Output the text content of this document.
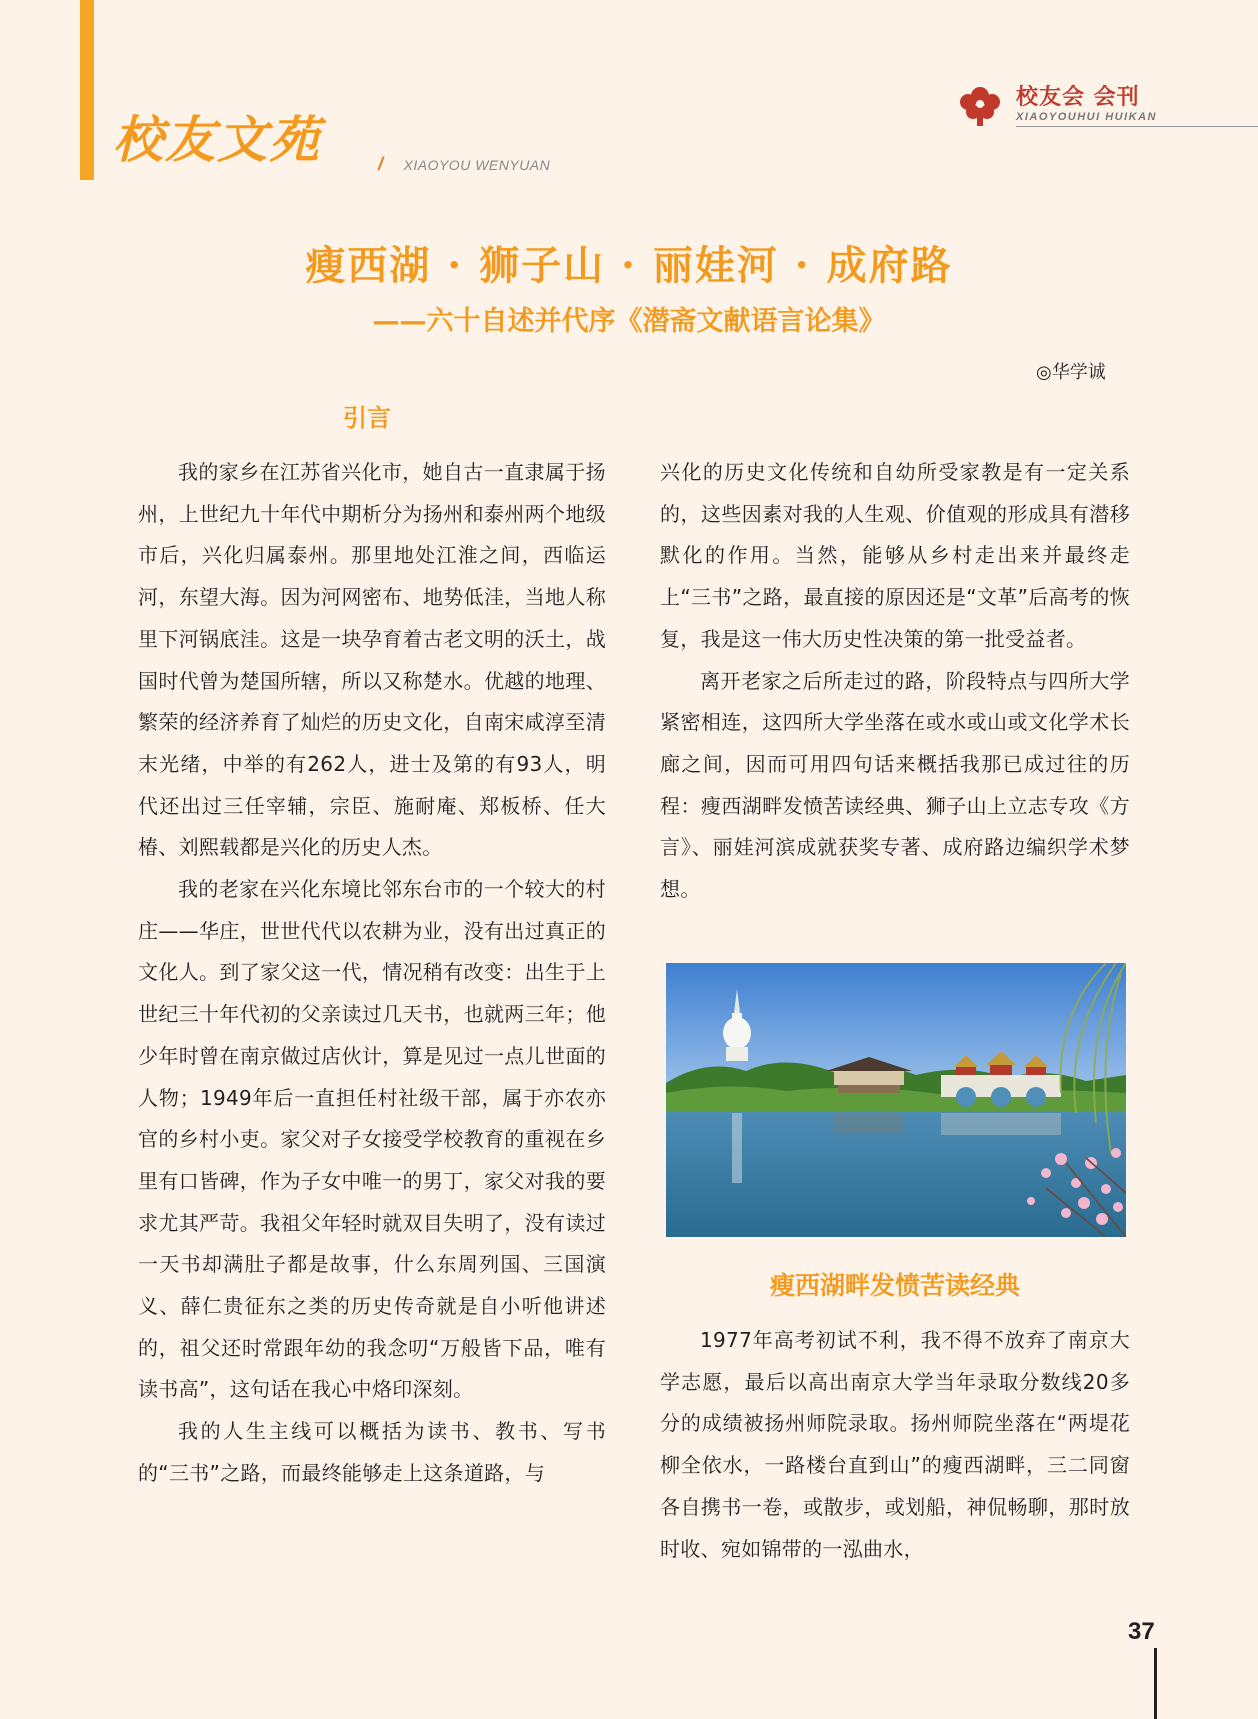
校友文苑	/ XIAOYOU WENYUAN
校友会 会刊
XIAOYOUHUI HUIKAN
瘦西湖 · 狮子山 · 丽娃河 · 成府路
——六十自述并代序《潜斋文献语言论集》
◎华学诚
引言

我的家乡在江苏省兴化市，她自古一直隶属于扬州，上世纪九十年代中期析分为扬州和泰州两个地级市后，兴化归属泰州。那里地处江淮之间，西临运河，东望大海。因为河网密布、地势低洼，当地人称里下河锅底洼。这是一块孕育着古老文明的沃土，战国时代曾为楚国所辖，所以又称楚水。优越的地理、繁荣的经济养育了灿烂的历史文化，自南宋咸淳至清末光绪，中举的有262人，进士及第的有93人，明代还出过三任宰辅，宗臣、施耐庵、郑板桥、任大椿、刘熙载都是兴化的历史人杰。

我的老家在兴化东境比邻东台市的一个较大的村庄——华庄，世世代代以农耕为业，没有出过真正的文化人。到了家父这一代，情况稍有改变：出生于上世纪三十年代初的父亲读过几天书，也就两三年；他少年时曾在南京做过店伙计，算是见过一点儿世面的人物；1949年后一直担任村社级干部，属于亦农亦官的乡村小吏。家父对子女接受学校教育的重视在乡里有口皆碑，作为子女中唯一的男丁，家父对我的要求尤其严苛。我祖父年轻时就双目失明了，没有读过一天书却满肚子都是故事，什么东周列国、三国演义、薛仁贵征东之类的历史传奇就是自小听他讲述的，祖父还时常跟年幼的我念叨“万般皆下品，唯有读书高”，这句话在我心中烙印深刻。

我的人生主线可以概括为读书、教书、写书的“三书”之路，而最终能够走上这条道路，与

兴化的历史文化传统和自幼所受家教是有一定关系的，这些因素对我的人生观、价值观的形成具有潜移默化的作用。当然，能够从乡村走出来并最终走上“三书”之路，最直接的原因还是“文革”后高考的恢复，我是这一伟大历史性决策的第一批受益者。

离开老家之后所走过的路，阶段特点与四所大学紧密相连，这四所大学坐落在或水或山或文化学术长廊之间，因而可用四句话来概括我那已成过往的历程：瘦西湖畔发愤苦读经典、狮子山上立志专攻《方言》、丽娃河滨成就获奖专著、成府路边编织学术梦想。

瘦西湖畔发愤苦读经典

1977年高考初试不利，我不得不放弃了南京大学志愿，最后以高出南京大学当年录取分数线20多分的成绩被扬州师院录取。扬州师院坐落在“两堤花柳全依水，一路楼台直到山”的瘦西湖畔，三二同窗各自携书一卷，或散步，或划船，神侃畅聊，那时放时收、宛如锦带的一泓曲水，

37
